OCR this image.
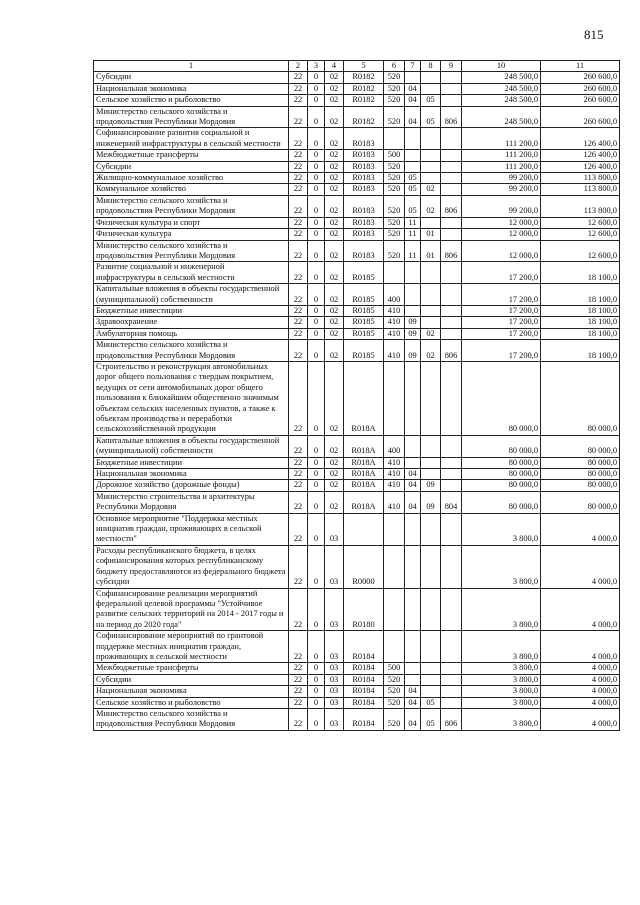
815
1	2	3	4	5	6	7	8	9	10	11
Субсидии	22	0	02	R0182	520				248 500,0	260 600,0
Национальная экономика	22	0	02	R0182	520	04			248 500,0	260 600,0
Сельское хозяйство и рыболовство	22	0	02	R0182	520	04	05		248 500,0	260 600,0
Министерство сельского хозяйства и продовольствия Республики Мордовия	22	0	02	R0182	520	04	05	806	248 500,0	260 600,0
Софинансирование развития социальной и инженерной инфраструктуры в сельской местности	22	0	02	R0183					111 200,0	126 400,0
Межбюджетные трансферты	22	0	02	R0183	500				111 200,0	126 400,0
Субсидии	22	0	02	R0183	520				111 200,0	126 400,0
Жилищно-коммунальное хозяйство	22	0	02	R0183	520	05			99 200,0	113 800,0
Коммунальное хозяйство	22	0	02	R0183	520	05	02		99 200,0	113 800,0
Министерство сельского хозяйства и продовольствия Республики Мордовия	22	0	02	R0183	520	05	02	806	99 200,0	113 800,0
Физическая культура и спорт	22	0	02	R0183	520	11			12 000,0	12 600,0
Физическая культура	22	0	02	R0183	520	11	01		12 000,0	12 600,0
Министерство сельского хозяйства и продовольствия Республики Мордовия	22	0	02	R0183	520	11	01	806	12 000,0	12 600,0
Развитие социальной и инженерной инфраструктуры в сельской местности	22	0	02	R0185					17 200,0	18 100,0
Капитальные вложения в объекты государственной (муниципальной) собственности	22	0	02	R0185	400				17 200,0	18 100,0
Бюджетные инвестиции	22	0	02	R0185	410				17 200,0	18 100,0
Здравоохранение	22	0	02	R0185	410	09			17 200,0	18 100,0
Амбулаторная помощь	22	0	02	R0185	410	09	02		17 200,0	18 100,0
Министерство сельского хозяйства и продовольствия Республики Мордовия	22	0	02	R0185	410	09	02	806	17 200,0	18 100,0
Строительство и реконструкция автомобильных дорог общего пользования с твердым покрытием, ведущих от сети автомобильных дорог общего пользования к ближайшим общественно значимым объектам сельских населенных пунктов, а также к объектам производства и переработки сельскохозяйственной продукции	22	0	02	R018А					80 000,0	80 000,0
Капитальные вложения в объекты государственной (муниципальной) собственности	22	0	02	R018А	400				80 000,0	80 000,0
Бюджетные инвестиции	22	0	02	R018А	410				80 000,0	80 000,0
Национальная экономика	22	0	02	R018А	410	04			80 000,0	80 000,0
Дорожное хозяйство (дорожные фонды)	22	0	02	R018А	410	04	09		80 000,0	80 000,0
Министерство строительства и архитектуры Республики Мордовия	22	0	02	R018А	410	04	09	804	80 000,0	80 000,0
Основное мероприятие "Поддержка местных инициатив граждан, проживающих в сельской местности"	22	0	03						3 800,0	4 000,0
Расходы республиканского бюджета, в целях софинансирования которых республиканскому бюджету предоставляются из федерального бюджета субсидии	22	0	03	R0000					3 800,0	4 000,0
Софинансирование реализации мероприятий федеральной целевой программы "Устойчивое развитие сельских территорий на 2014 - 2017 годы и на период до 2020 года"	22	0	03	R0180					3 800,0	4 000,0
Софинансирование мероприятий по грантовой поддержке местных инициатив граждан, проживающих в сельской местности	22	0	03	R0184					3 800,0	4 000,0
Межбюджетные трансферты	22	0	03	R0184	500				3 800,0	4 000,0
Субсидии	22	0	03	R0184	520				3 800,0	4 000,0
Национальная экономика	22	0	03	R0184	520	04			3 800,0	4 000,0
Сельское хозяйство и рыболовство	22	0	03	R0184	520	04	05		3 800,0	4 000,0
Министерство сельского хозяйства и продовольствия Республики Мордовия	22	0	03	R0184	520	04	05	806	3 800,0	4 000,0
